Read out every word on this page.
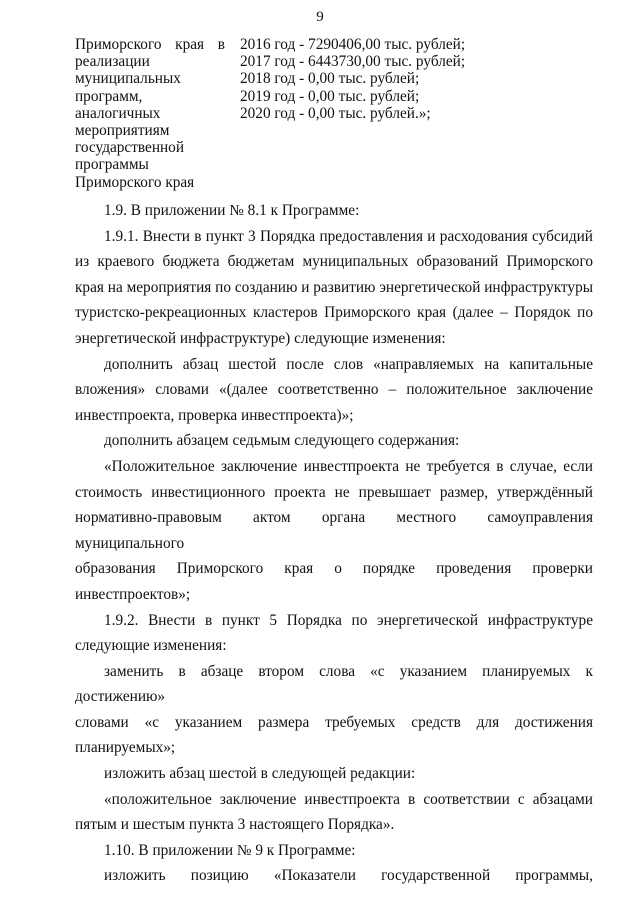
9
Приморского края в
реализации
муниципальных
программ,
аналогичных
мероприятиям
государственной
программы
Приморского края
2016 год - 7290406,00 тыс. рублей;
2017 год - 6443730,00 тыс. рублей;
2018 год - 0,00 тыс. рублей;
2019 год - 0,00 тыс. рублей;
2020 год - 0,00 тыс. рублей.»;

1.9. В приложении № 8.1 к Программе:

1.9.1. Внести в пункт 3 Порядка предоставления и расходования субсидий
из краевого бюджета бюджетам муниципальных образований Приморского
края на мероприятия по созданию и развитию энергетической инфраструктуры
туристско-рекреационных кластеров Приморского края (далее – Порядок по
энергетической инфраструктуре) следующие изменения:
дополнить абзац шестой после слов «направляемых на капитальные
вложения» словами «(далее соответственно – положительное заключение
инвестпроекта, проверка инвестпроекта)»;
дополнить абзацем седьмым следующего содержания:
«Положительное заключение инвестпроекта не требуется в случае, если
стоимость инвестиционного проекта не превышает размер, утверждённый
нормативно-правовым актом органа местного самоуправления муниципального
образования Приморского края о порядке проведения проверки
инвестпроектов»;
1.9.2. Внести в пункт 5 Порядка по энергетической инфраструктуре
следующие изменения:
заменить в абзаце втором слова «с указанием планируемых к достижению»
словами «с указанием размера требуемых средств для достижения
планируемых»;
изложить абзац шестой в следующей редакции:
«положительное заключение инвестпроекта в соответствии с абзацами
пятым и шестым пункта 3 настоящего Порядка».
1.10. В приложении № 9 к Программе:
изложить позицию «Показатели государственной программы,
